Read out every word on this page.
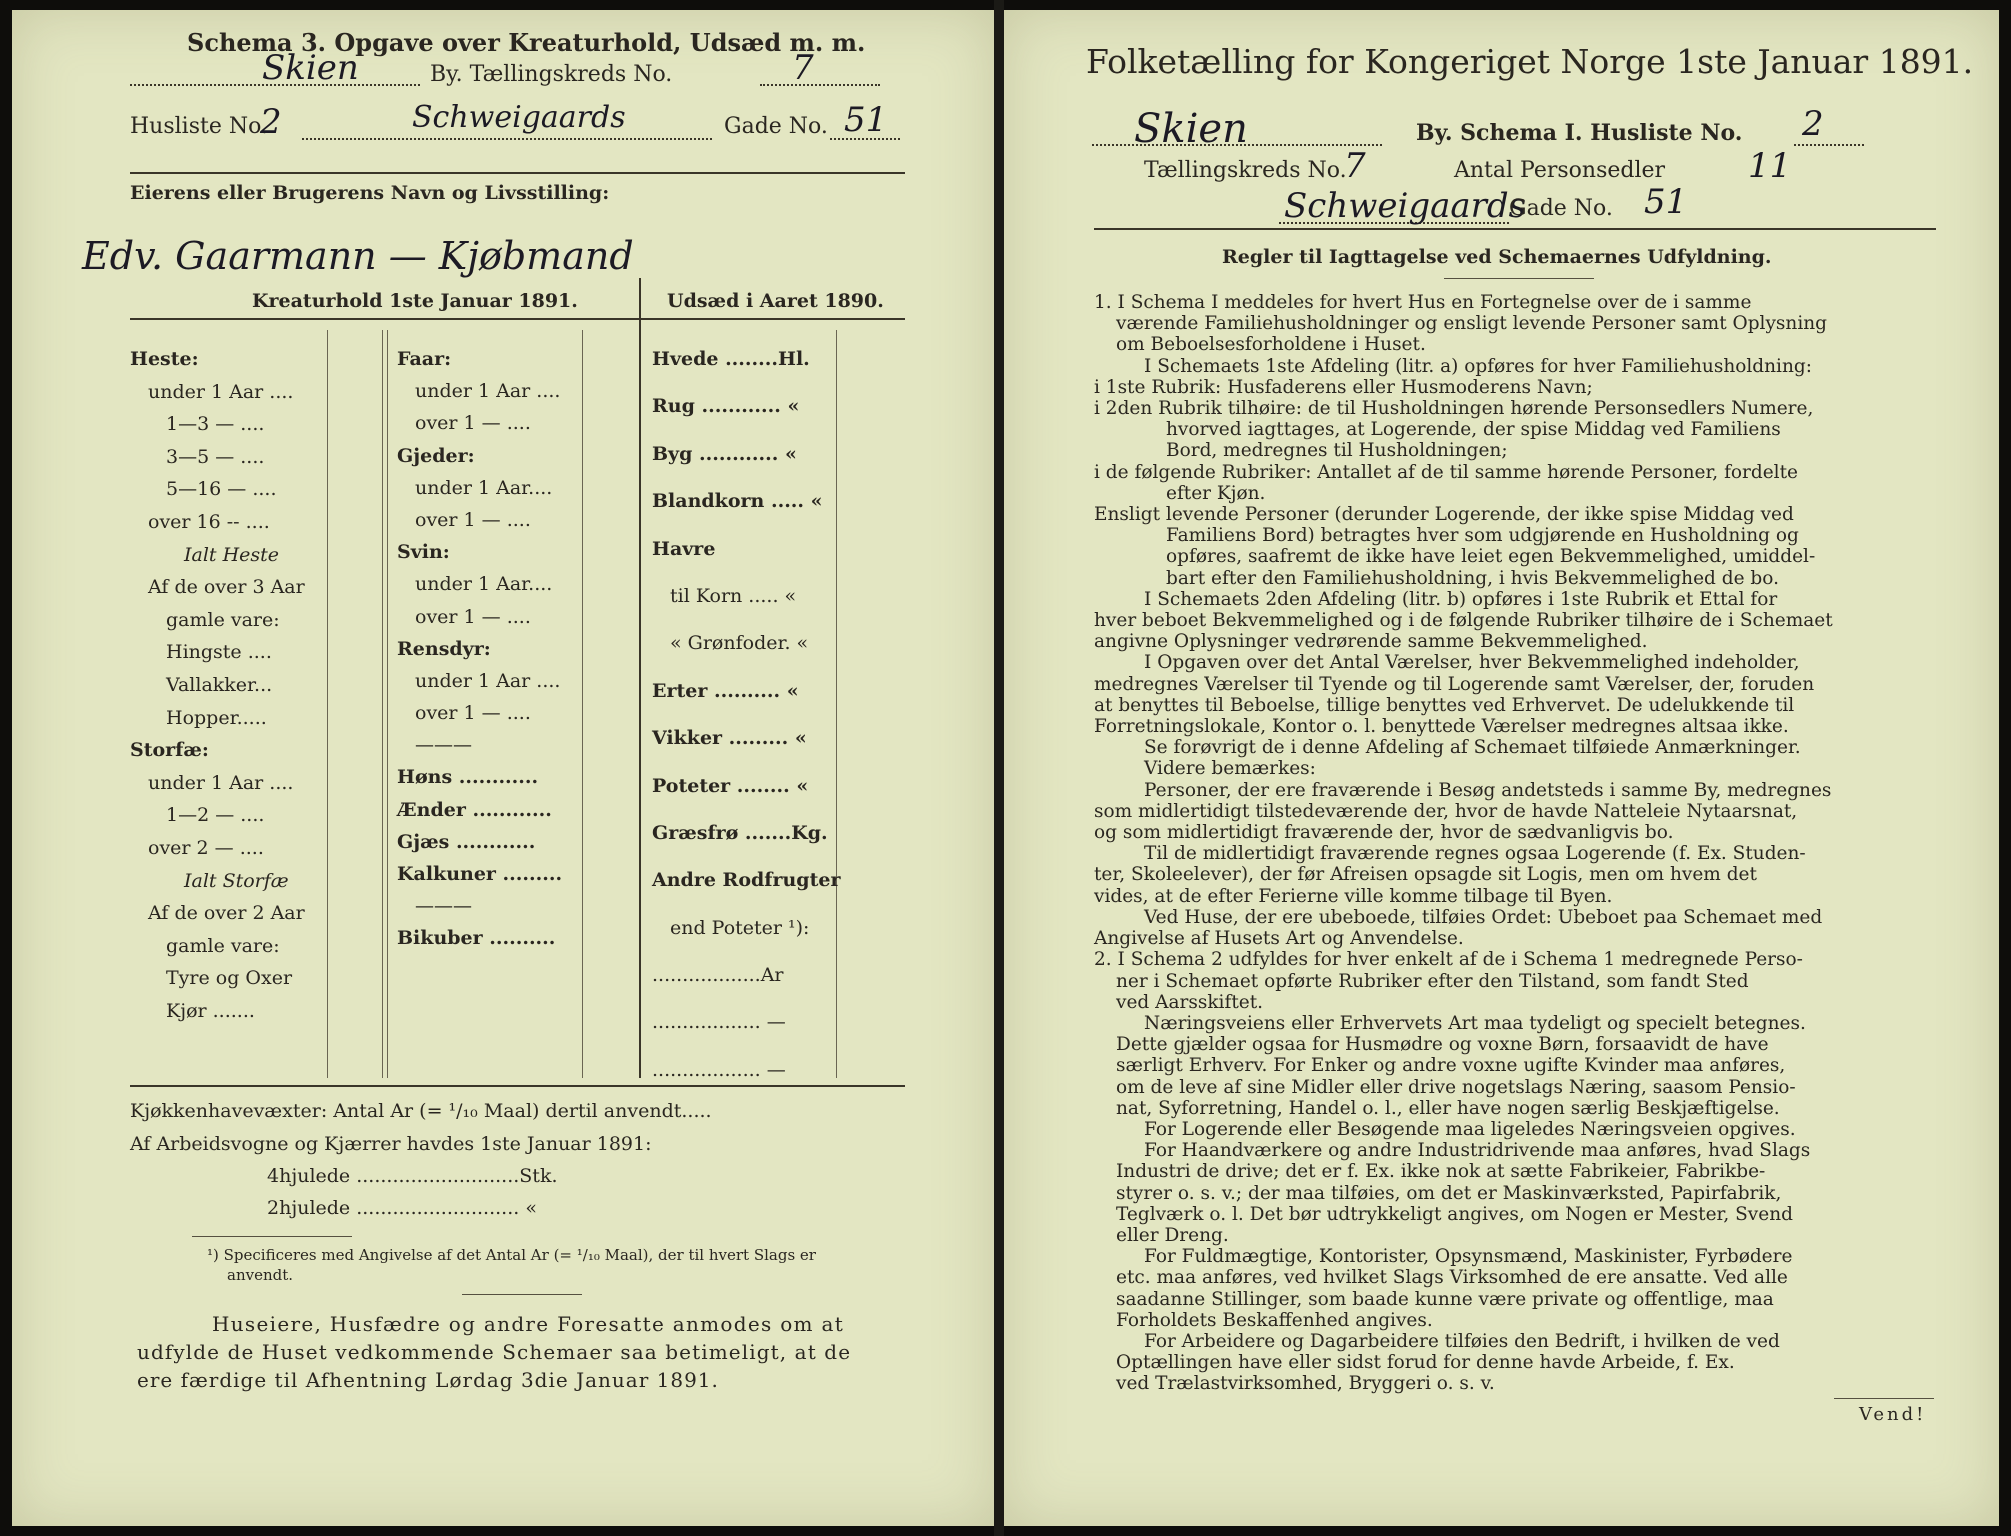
Schema 3. Opgave over Kreaturhold, Udsæd m. m.
Skien	By. Tællingskreds No.	7
Husliste No.
2	Schweigaards	Gade No. 51
Eierens eller Brugerens Navn og Livsstilling:
Edv. Gaarmann — Kjøbmand
Kreaturhold 1ste Januar 1891.	Udsæd i Aaret 1890.
Heste:
under 1 Aar ....
1—3 — ....
3—5 — ....
5—16 — ....
over 16 -- ....
Ialt Heste
Af de over 3 Aar
gamle vare:
Hingste ....
Vallakker...
Hopper.....
Storfæ:
under 1 Aar ....
1—2 — ....
over 2 — ....
Ialt Storfæ
Af de over 2 Aar
gamle vare:
Tyre og Oxer
Kjør .......
Faar:
under 1 Aar ....
over 1 — ....
Gjeder:
under 1 Aar....
over 1 — ....
Svin:
under 1 Aar....
over 1 — ....
Rensdyr:
under 1 Aar ....
over 1 — ....
———
Høns ............
Ænder ............
Gjæs ............
Kalkuner .........
———
Bikuber ..........
Hvede ........Hl.
Rug ............ «
Byg ............ «
Blandkorn ..... «
Havre
til Korn ..... «
« Grønfoder. «
Erter .......... «
Vikker ......... «
Poteter ........ «
Græsfrø .......Kg.
Andre Rodfrugter
end Poteter ¹):
..................Ar
.................. —
.................. —
Kjøkkenhavevæxter: Antal Ar (= ¹/₁₀ Maal) dertil anvendt.....
Af Arbeidsvogne og Kjærrer havdes 1ste Januar 1891:
4hjulede ...........................Stk.
2hjulede ........................... «
¹) Specificeres med Angivelse af det Antal Ar (= ¹/₁₀ Maal), der til hvert Slags er
anvendt.
Huseiere, Husfædre og andre Foresatte anmodes om at
udfylde de Huset vedkommende Schemaer saa betimeligt, at de
ere færdige til Afhentning Lørdag 3die Januar 1891.
Folketælling for Kongeriget Norge 1ste Januar 1891.
Skien	By. Schema I. Husliste No. 2
Tællingskreds No.
7	Antal Personsedler 11
Schweigaards
Gade No. 51
Regler til Iagttagelse ved Schemaernes Udfyldning.
1. I Schema I meddeles for hvert Hus en Fortegnelse over de i samme
værende Familiehusholdninger og ensligt levende Personer samt Oplysning
om Beboelsesforholdene i Huset.
I Schemaets 1ste Afdeling (litr. a) opføres for hver Familiehusholdning:
i 1ste Rubrik: Husfaderens eller Husmoderens Navn;
i 2den Rubrik tilhøire: de til Husholdningen hørende Personsedlers Numere,
hvorved iagttages, at Logerende, der spise Middag ved Familiens
Bord, medregnes til Husholdningen;
i de følgende Rubriker: Antallet af de til samme hørende Personer, fordelte
efter Kjøn.
Ensligt levende Personer (derunder Logerende, der ikke spise Middag ved
Familiens Bord) betragtes hver som udgjørende en Husholdning og
opføres, saafremt de ikke have leiet egen Bekvemmelighed, umiddel-
bart efter den Familiehusholdning, i hvis Bekvemmelighed de bo.
I Schemaets 2den Afdeling (litr. b) opføres i 1ste Rubrik et Ettal for
hver beboet Bekvemmelighed og i de følgende Rubriker tilhøire de i Schemaet
angivne Oplysninger vedrørende samme Bekvemmelighed.
I Opgaven over det Antal Værelser, hver Bekvemmelighed indeholder,
medregnes Værelser til Tyende og til Logerende samt Værelser, der, foruden
at benyttes til Beboelse, tillige benyttes ved Erhvervet. De udelukkende til
Forretningslokale, Kontor o. l. benyttede Værelser medregnes altsaa ikke.
Se forøvrigt de i denne Afdeling af Schemaet tilføiede Anmærkninger.
Videre bemærkes:
Personer, der ere fraværende i Besøg andetsteds i samme By, medregnes
som midlertidigt tilstedeværende der, hvor de havde Natteleie Nytaarsnat,
og som midlertidigt fraværende der, hvor de sædvanligvis bo.
Til de midlertidigt fraværende regnes ogsaa Logerende (f. Ex. Studen-
ter, Skoleelever), der før Afreisen opsagde sit Logis, men om hvem det
vides, at de efter Ferierne ville komme tilbage til Byen.
Ved Huse, der ere ubeboede, tilføies Ordet: Ubeboet paa Schemaet med
Angivelse af Husets Art og Anvendelse.
2. I Schema 2 udfyldes for hver enkelt af de i Schema 1 medregnede Perso-
ner i Schemaet opførte Rubriker efter den Tilstand, som fandt Sted
ved Aarsskiftet.
Næringsveiens eller Erhvervets Art maa tydeligt og specielt betegnes.
Dette gjælder ogsaa for Husmødre og voxne Børn, forsaavidt de have
særligt Erhverv. For Enker og andre voxne ugifte Kvinder maa anføres,
om de leve af sine Midler eller drive nogetslags Næring, saasom Pensio-
nat, Syforretning, Handel o. l., eller have nogen særlig Beskjæftigelse.
For Logerende eller Besøgende maa ligeledes Næringsveien opgives.
For Haandværkere og andre Industridrivende maa anføres, hvad Slags
Industri de drive; det er f. Ex. ikke nok at sætte Fabrikeier, Fabrikbe-
styrer o. s. v.; der maa tilføies, om det er Maskinværksted, Papirfabrik,
Teglværk o. l. Det bør udtrykkeligt angives, om Nogen er Mester, Svend
eller Dreng.
For Fuldmægtige, Kontorister, Opsynsmænd, Maskinister, Fyrbødere
etc. maa anføres, ved hvilket Slags Virksomhed de ere ansatte. Ved alle
saadanne Stillinger, som baade kunne være private og offentlige, maa
Forholdets Beskaffenhed angives.
For Arbeidere og Dagarbeidere tilføies den Bedrift, i hvilken de ved
Optællingen have eller sidst forud for denne havde Arbeide, f. Ex.
ved Trælastvirksomhed, Bryggeri o. s. v.
Vend!
